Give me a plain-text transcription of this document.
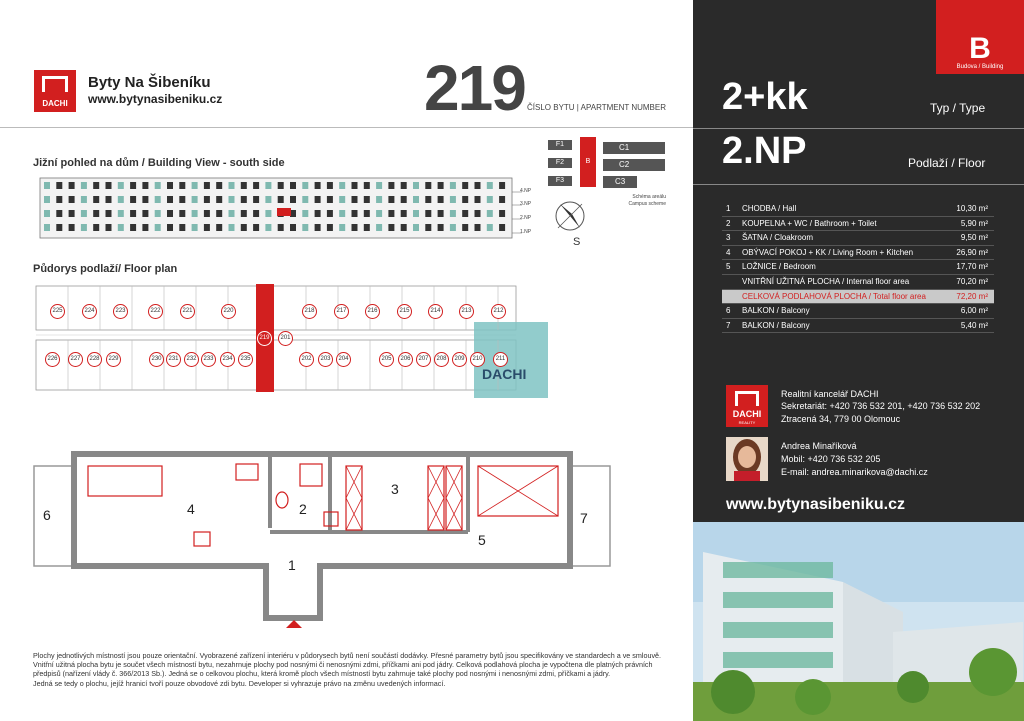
DACHI
Byty Na Šibeníku
www.bytynasibeniku.cz	219 ČÍSLO BYTU | APARTMENT NUMBER
Jižní pohled na dům / Building View - south side
4.NP
3.NP
2.NP
1.NP
F1
F2
F3
B
C1
C2
C3
Schéma areálu
Campus scheme
S
Půdorys podlaží/ Floor plan
225	224	223	222	221	220	218	217	216	215	214	213	212
226	227	228	229	230	231	232	233	234	235	202	203	204	205	206	207	208	209	210	211
219	201
DACHI
6	4	2
3
5
1
7
Plochy jednotlivých místností jsou pouze orientační. Vyobrazené zařízení interiéru v půdorysech bytů není součástí dodávky. Přesné parametry bytů jsou specifikovány ve standardech a ve smlouvě.
Vnitřní užitná plocha bytu je součet všech místností bytu, nezahrnuje plochy pod nosnými či nenosnými zdmi, příčkami ani pod jádry. Celková podlahová plocha je vypočtena dle platných právních
předpisů (nařízení vlády č. 366/2013 Sb.). Jedná se o celkovou plochu, která kromě ploch všech místností bytu zahrnuje také plochy pod nosnými i nenosnými zdmi, příčkami a jádry.
Jedná se tedy o plochu, jejíž hranicí tvoří pouze obvodové zdi bytu. Developer si vyhrazuje právo na změnu uvedených informací.
B
Budova / Building
2+kk	Typ / Type
2.NP	Podlaží / Floor
1 CHODBA / Hall	10,30 m²
2 KOUPELNA + WC / Bathroom + Toilet	5,90 m²
3 ŠATNA / Cloakroom	9,50 m²
4 OBÝVACÍ POKOJ + KK / Living Room + Kitchen	26,90 m²
5 LOŽNICE / Bedroom	17,70 m²
VNITŘNÍ UŽITNÁ PLOCHA / Internal floor area	70,20 m²
CELKOVÁ PODLAHOVÁ PLOCHA / Total floor area	72,20 m²
6 BALKON / Balcony	6,00 m²
7 BALKON / Balcony	5,40 m²
DACHI
REALITY
Realitní kancelář DACHI
Sekretariát: +420 736 532 201, +420 736 532 202
Ztracená 34, 779 00 Olomouc
Andrea Minaříková
Mobil: +420 736 532 205
E-mail: andrea.minarikova@dachi.cz
www.bytynasibeniku.cz
